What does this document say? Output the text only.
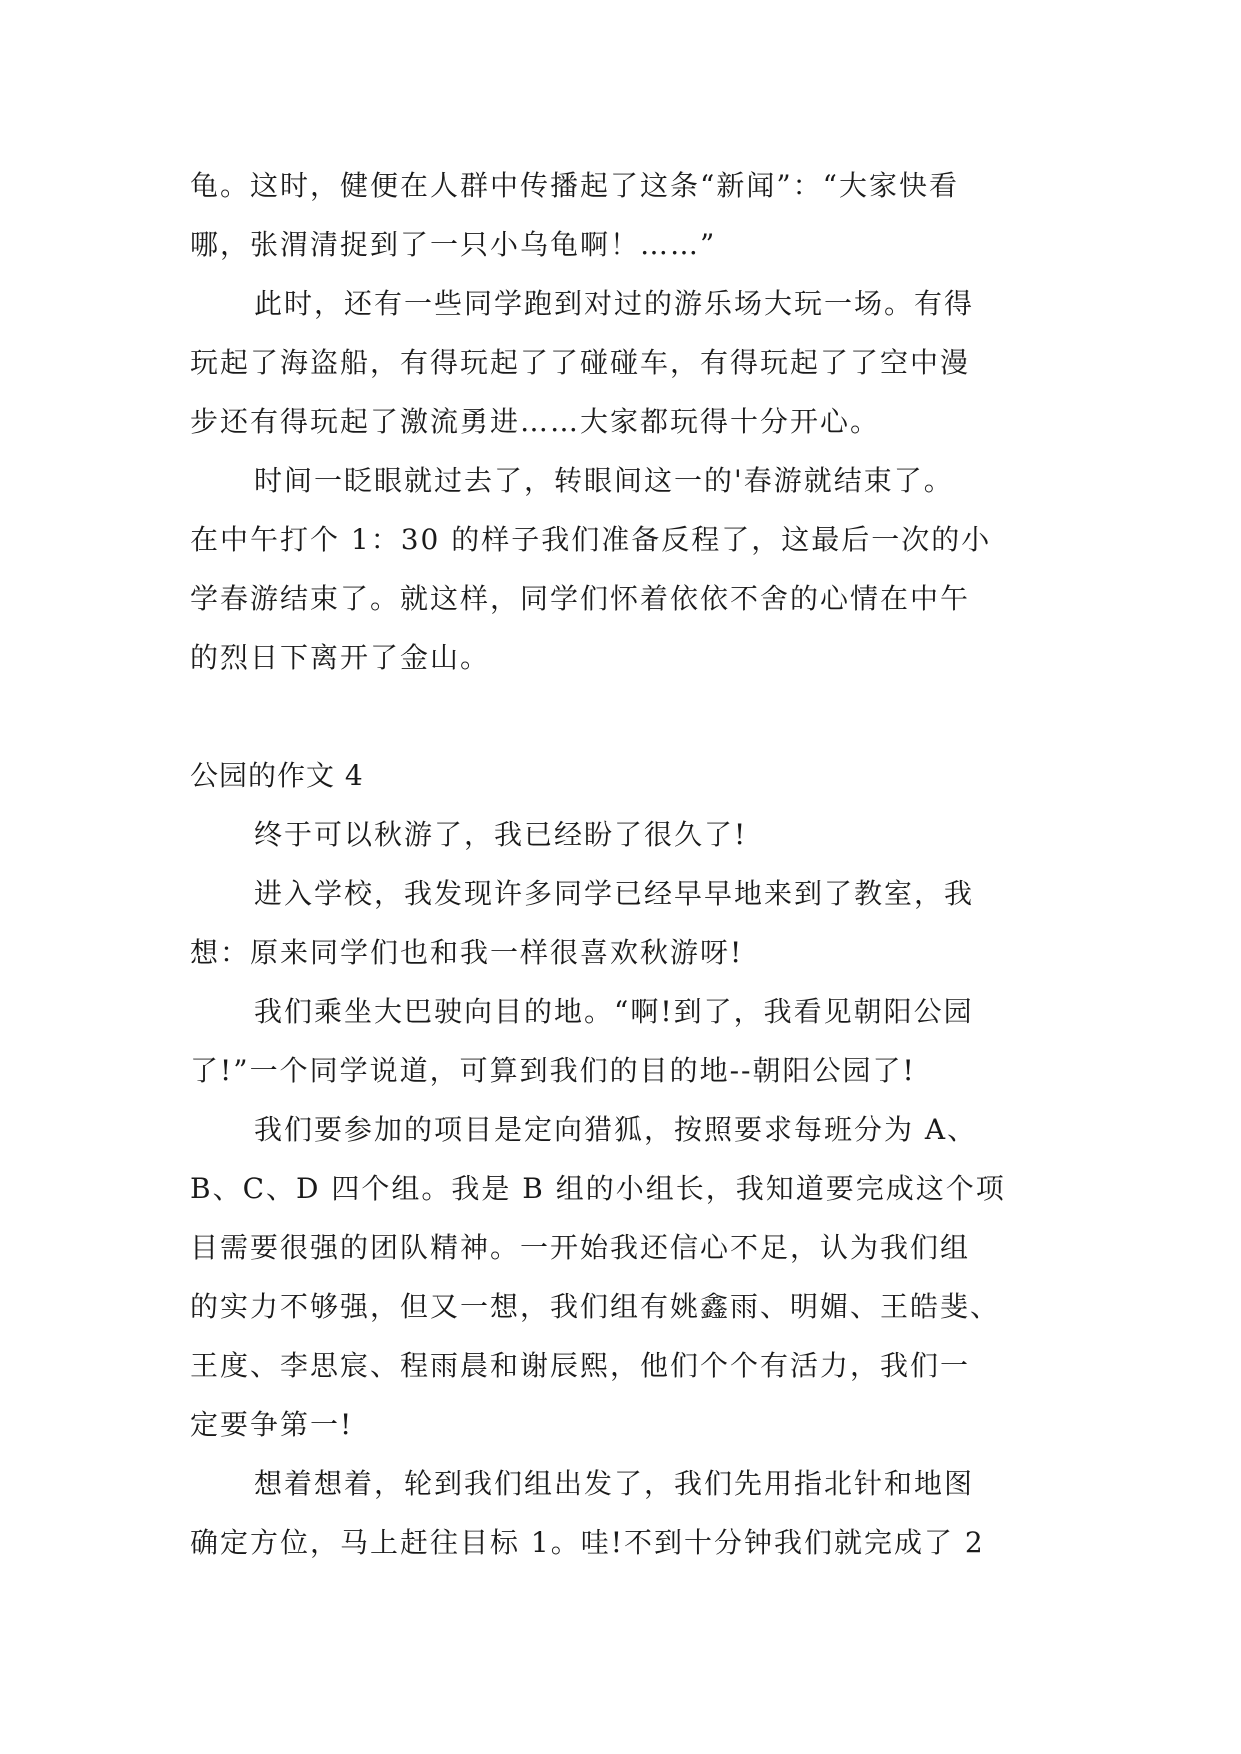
龟。这时，健便在人群中传播起了这条“新闻”：“大家快看
哪，张渭清捉到了一只小乌龟啊！……”
此时，还有一些同学跑到对过的游乐场大玩一场。有得
玩起了海盗船，有得玩起了了碰碰车，有得玩起了了空中漫
步还有得玩起了激流勇进……大家都玩得十分开心。
时间一眨眼就过去了，转眼间这一的'春游就结束了。
在中午打个 1：30 的样子我们准备反程了，这最后一次的小
学春游结束了。就这样，同学们怀着依依不舍的心情在中午
的烈日下离开了金山。
公园的作文 4
终于可以秋游了，我已经盼了很久了!
进入学校，我发现许多同学已经早早地来到了教室，我
想：原来同学们也和我一样很喜欢秋游呀!
我们乘坐大巴驶向目的地。“啊!到了，我看见朝阳公园
了!”一个同学说道，可算到我们的目的地--朝阳公园了!
我们要参加的项目是定向猎狐，按照要求每班分为 A、
B、C、D 四个组。我是 B 组的小组长，我知道要完成这个项
目需要很强的团队精神。一开始我还信心不足，认为我们组
的实力不够强，但又一想，我们组有姚鑫雨、明媚、王皓斐、
王度、李思宸、程雨晨和谢辰熙，他们个个有活力，我们一
定要争第一!
想着想着，轮到我们组出发了，我们先用指北针和地图
确定方位，马上赶往目标 1。哇!不到十分钟我们就完成了 2
